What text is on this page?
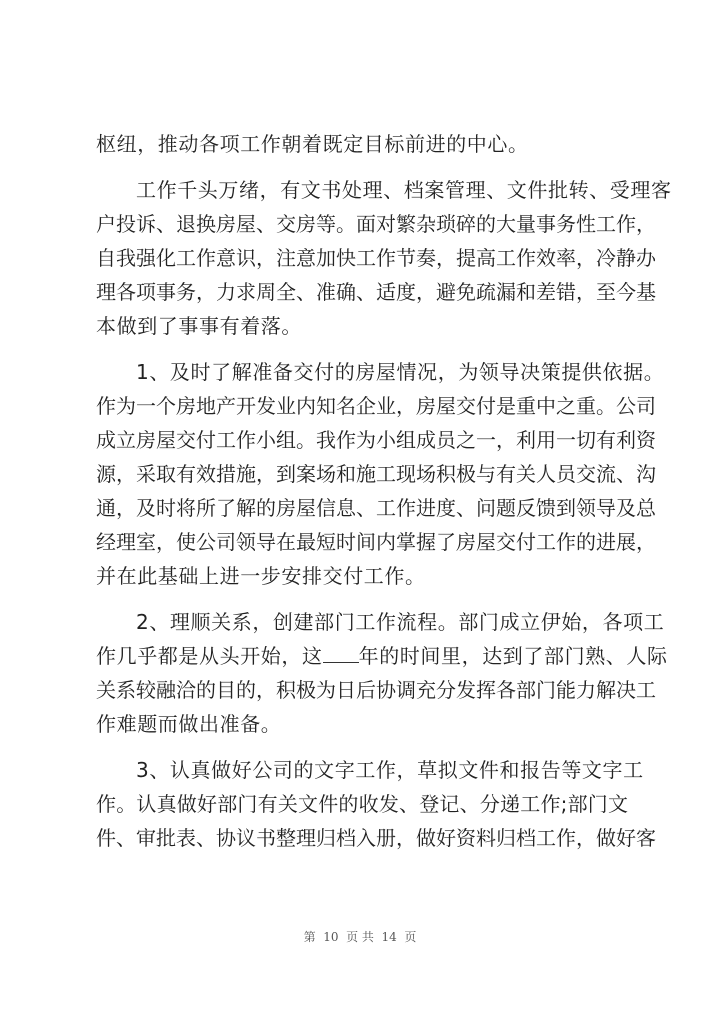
枢纽，推动各项工作朝着既定目标前进的中心。
工作千头万绪，有文书处理、档案管理、文件批转、受理客
户投诉、退换房屋、交房等。面对繁杂琐碎的大量事务性工作，
自我强化工作意识，注意加快工作节奏，提高工作效率，冷静办
理各项事务，力求周全、准确、适度，避免疏漏和差错，至今基
本做到了事事有着落。
1、及时了解准备交付的房屋情况，为领导决策提供依据。
作为一个房地产开发业内知名企业，房屋交付是重中之重。公司
成立房屋交付工作小组。我作为小组成员之一，利用一切有利资
源，采取有效措施，到案场和施工现场积极与有关人员交流、沟
通，及时将所了解的房屋信息、工作进度、问题反馈到领导及总
经理室，使公司领导在最短时间内掌握了房屋交付工作的进展，
并在此基础上进一步安排交付工作。
2、理顺关系，创建部门工作流程。部门成立伊始，各项工
作几乎都是从头开始，这 年的时间里，达到了部门熟、人际
关系较融洽的目的，积极为日后协调充分发挥各部门能力解决工
作难题而做出准备。
3、认真做好公司的文字工作，草拟文件和报告等文字工
作。认真做好部门有关文件的收发、登记、分递工作;部门文
件、审批表、协议书整理归档入册，做好资料归档工作，做好客
第  10  页 共  14  页
